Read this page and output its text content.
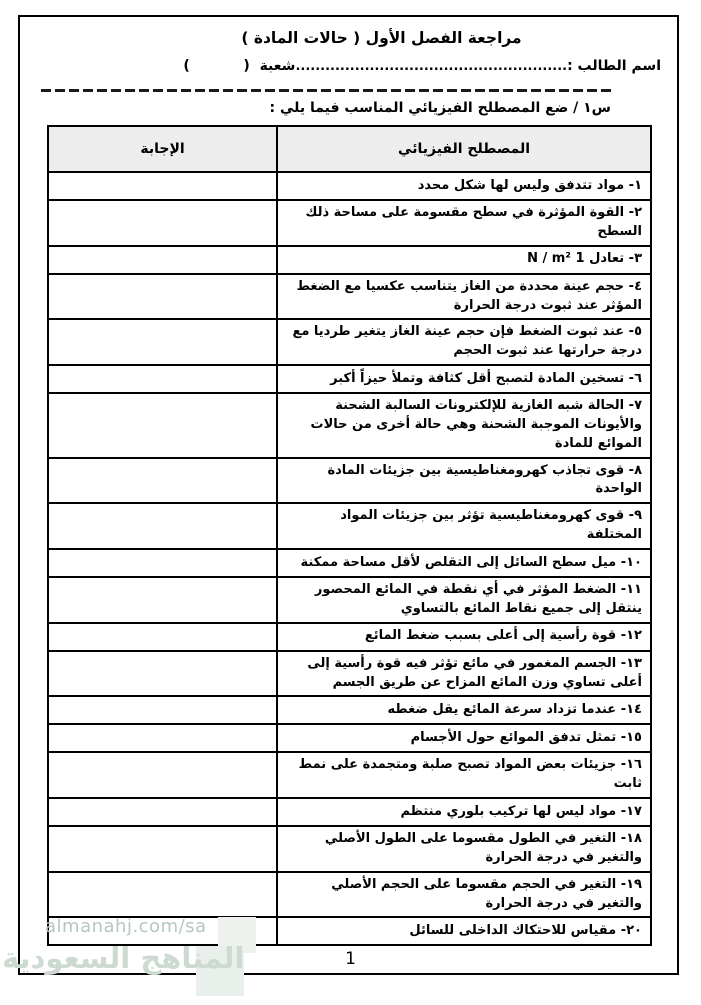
مراجعة الفصل الأول ( حالات المادة )
اسم الطالب :.......................................................شعبة  (           )
س١ / ضع المصطلح الفيزيائي المناسب فيما يلي :
المصطلح الفيزيائي	الإجابة
١- مواد تتدفق وليس لها شكل محدد	
٢- القوة المؤثرة في سطح مقسومة على مساحة ذلك السطح	
٣- تعادل 1 N / m²	
٤- حجم عينة محددة من الغاز يتناسب عكسيا مع الضغط المؤثر عند ثبوت درجة الحرارة	
٥- عند ثبوت الضغط فإن حجم عينة الغاز يتغير طرديا مع درجة حرارتها عند ثبوت الحجم	
٦- تسخين المادة لتصبح أقل كثافة وتملأ حيزاً أكبر	
٧- الحالة شبه الغازية للإلكترونات السالبة الشحنة والأيونات الموجبة الشحنة وهي حالة أخرى من حالات الموائع للمادة	
٨- قوى تجاذب كهرومغناطيسية بين جزيئات المادة الواحدة	
٩- قوى كهرومغناطيسية تؤثر بين جزيئات المواد المختلفة	
١٠- ميل سطح السائل إلى التقلص لأقل مساحة ممكنة	
١١- الضغط المؤثر في أي نقطة في المائع المحصور ينتقل إلى جميع نقاط المائع بالتساوي	
١٢- قوة رأسية إلى أعلى بسبب ضغط المائع	
١٣- الجسم المغمور في مائع تؤثر فيه قوة رأسية إلى أعلى تساوي وزن المائع المزاح عن طريق الجسم	
١٤- عندما تزداد سرعة المائع يقل ضغطه	
١٥- تمثل تدفق الموائع حول الأجسام	
١٦- جزيئات بعض المواد تصبح صلبة ومتجمدة على نمط ثابت	
١٧- مواد ليس لها تركيب بلوري منتظم	
١٨- التغير في الطول مقسوما على الطول الأصلي والتغير في درجة الحرارة	
١٩- التغير في الحجم مقسوما على الحجم الأصلي والتغير في درجة الحرارة	
٢٠- مقياس للاحتكاك الداخلى للسائل	
almanahj.com/sa
المناهج السعودية	1
